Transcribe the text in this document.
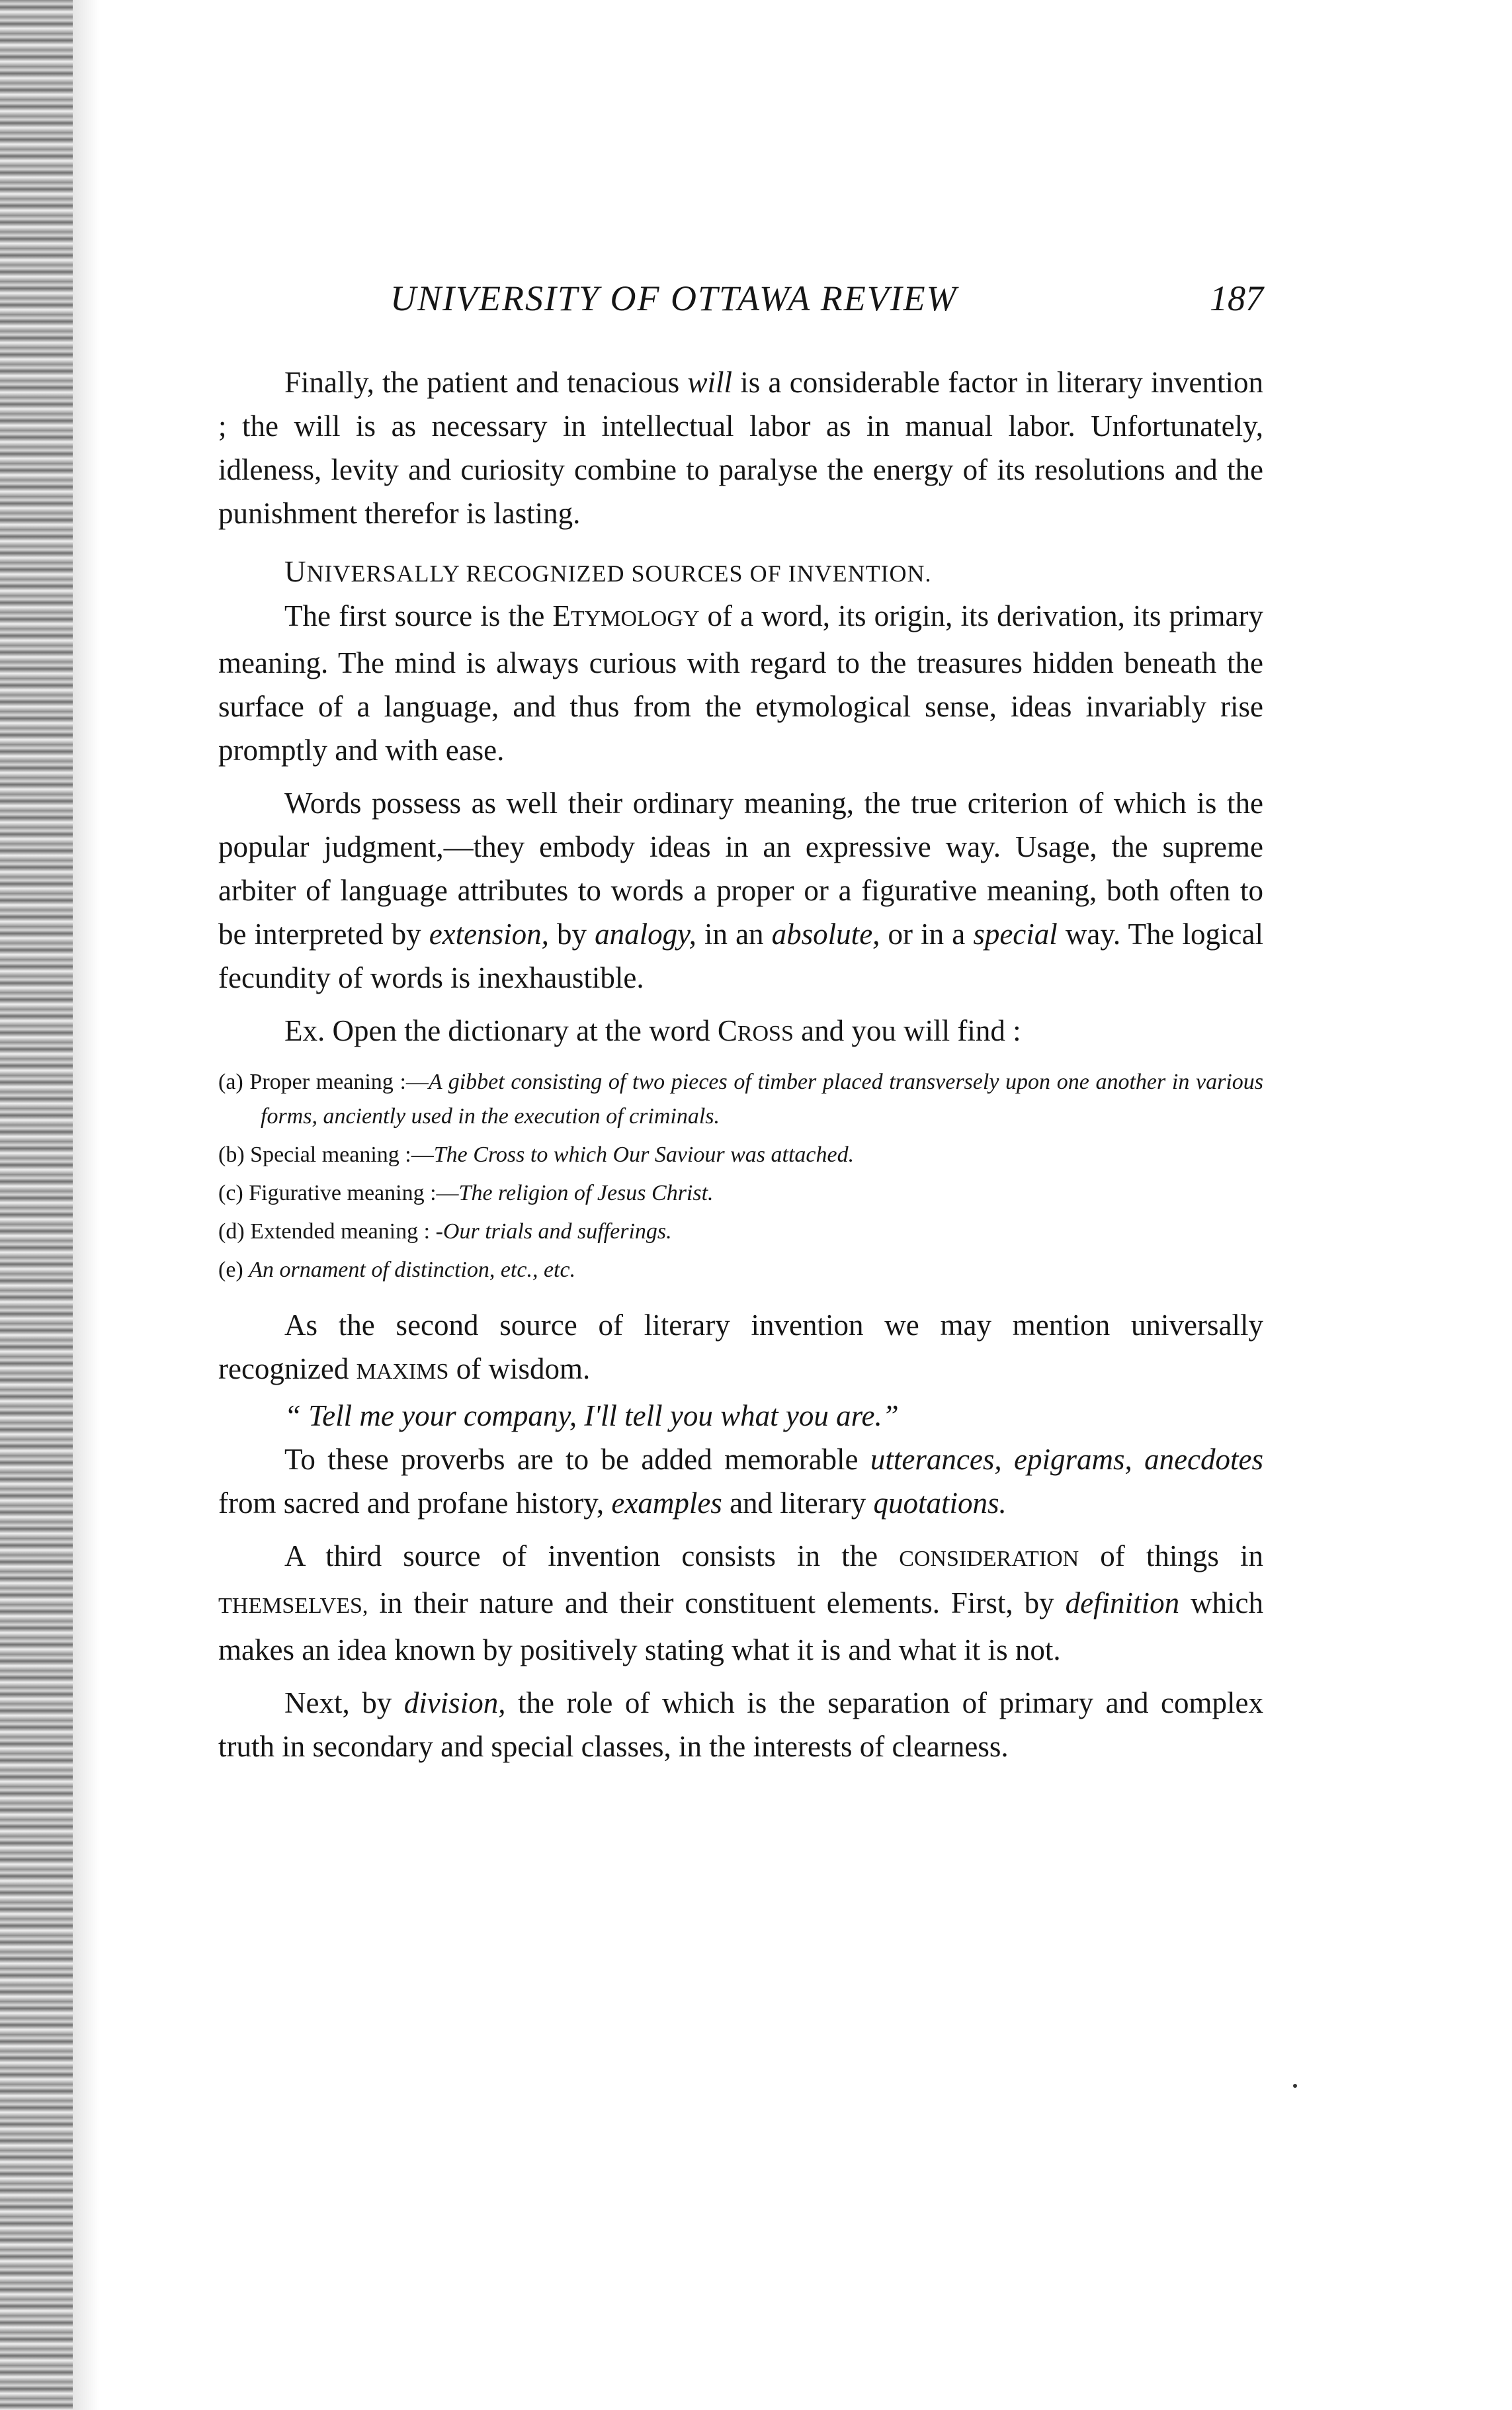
UNIVERSITY OF OTTAWA REVIEW	187

Finally, the patient and tenacious will is a considerable factor in literary invention ; the will is as necessary in intellectual labor as in manual labor. Unfortunately, idleness, levity and curiosity combine to paralyse the energy of its resolutions and the punishment therefor is lasting.

UNIVERSALLY RECOGNIZED SOURCES OF INVENTION.

The first source is the ETYMOLOGY of a word, its origin, its derivation, its primary meaning. The mind is always curious with regard to the treasures hidden beneath the surface of a language, and thus from the etymological sense, ideas invariably rise promptly and with ease.

Words possess as well their ordinary meaning, the true criterion of which is the popular judgment,—they embody ideas in an expressive way. Usage, the supreme arbiter of language attributes to words a proper or a figurative meaning, both often to be interpreted by extension, by analogy, in an absolute, or in a special way. The logical fecundity of words is inexhaustible.

Ex. Open the dictionary at the word CROSS and you will find :

(a) Proper meaning :—A gibbet consisting of two pieces of timber placed transversely upon one another in various forms, anciently used in the execution of criminals.

(b) Special meaning :—The Cross to which Our Saviour was attached.

(c) Figurative meaning :—The religion of Jesus Christ.

(d) Extended meaning : -Our trials and sufferings.

(e) An ornament of distinction, etc., etc.

As the second source of literary invention we may mention universally recognized MAXIMS of wisdom.

“ Tell me your company, I'll tell you what you are.”

To these proverbs are to be added memorable utterances, epigrams, anecdotes from sacred and profane history, examples and literary quotations.

A third source of invention consists in the CONSIDERATION of things in THEMSELVES, in their nature and their constituent elements. First, by definition which makes an idea known by positively stating what it is and what it is not.

Next, by division, the role of which is the separation of primary and complex truth in secondary and special classes, in the interests of clearness.
